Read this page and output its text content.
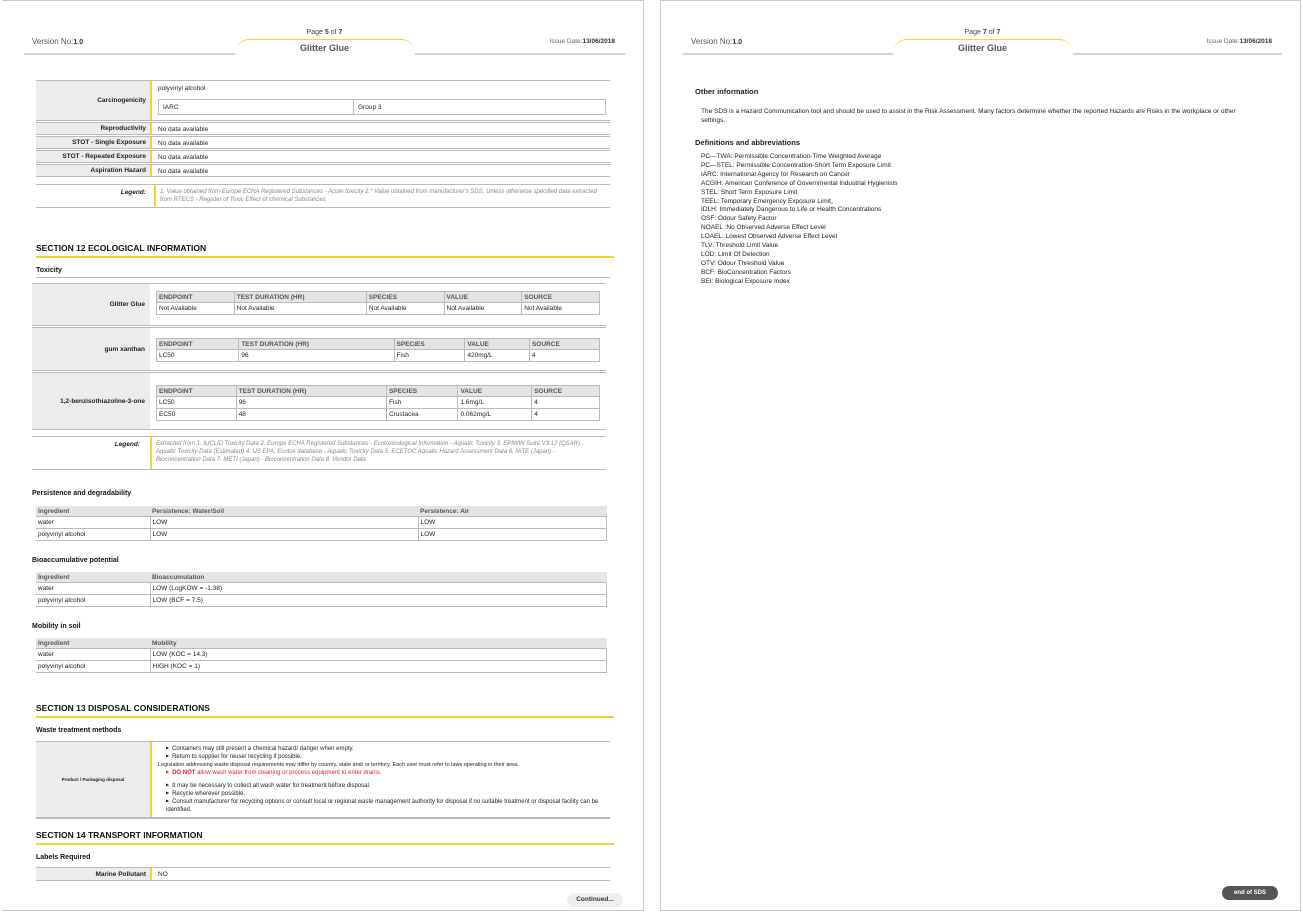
Version No:1.0
Page 5 of 7
Issue Date:13/06/2018
Glitter Glue
Carcinogenicity
polyvinyl alcohol
IARC	Group 3
Reproductivity	No data available
STOT - Single Exposure	No data available
STOT - Repeated Exposure	No data available
Aspiration Hazard	No data available
Legend:	1. Value obtained from Europe ECHA Registered Substances - Acute toxicity 2.* Value obtained from manufacturer's SDS. Unless otherwise specified data extracted from RTECS - Register of Toxic Effect of chemical Substances
SECTION 12 ECOLOGICAL INFORMATION
Toxicity
Glitter Glue
ENDPOINT	TEST DURATION (HR)	SPECIES	VALUE	SOURCE
Not Available	Not Available	Not Available	Not Available	Not Available
gum xanthan
ENDPOINT	TEST DURATION (HR)	SPECIES	VALUE	SOURCE
LC50	96	Fish	420mg/L	4
1,2-benzisothiazoline-3-one
ENDPOINT	TEST DURATION (HR)	SPECIES	VALUE	SOURCE
LC50	96	Fish	1.6mg/L	4
EC50	48	Crustacea	0.062mg/L	4
Legend:	Extracted from 1. IUCLID Toxicity Data 2. Europe ECHA Registered Substances - Ecotoxicological Information - Aquatic Toxicity 3. EPIWIN Suite V3.12 (QSAR) - Aquatic Toxicity Data (Estimated) 4. US EPA, Ecotox database - Aquatic Toxicity Data 5. ECETOC Aquatic Hazard Assessment Data 6. NITE (Japan) - Bioconcentration Data 7. METI (Japan) - Bioconcentration Data 8. Vendor Data
Persistence and degradability
Ingredient	Persistence: Water/Soil	Persistence: Air
water	LOW	LOW
polyvinyl alcohol	LOW	LOW
Bioaccumulative potential
Ingredient	Bioaccumulation
water	LOW (LogKOW = -1.38)
polyvinyl alcohol	LOW (BCF = 7.5)
Mobility in soil
Ingredient	Mobility
water	LOW (KOC = 14.3)
polyvinyl alcohol	HIGH (KOC = 1)
SECTION 13 DISPOSAL CONSIDERATIONS
Waste treatment methods
Product / Packaging disposal
▶ Containers may still present a chemical hazard/ danger when empty.
▶ Return to supplier for reuse/ recycling if possible.
Legislation addressing waste disposal requirements may differ by country, state and/ or territory. Each user must refer to laws operating in their area.
▶ DO NOT allow wash water from cleaning or process equipment to enter drains.
▶ It may be necessary to collect all wash water for treatment before disposal.
▶ Recycle wherever possible.
▶ Consult manufacturer for recycling options or consult local or regional waste management authority for disposal if no suitable treatment or disposal facility can be identified.
SECTION 14 TRANSPORT INFORMATION
Labels Required
Marine Pollutant	NO
Continued...
Version No:1.0
Page 7 of 7
Issue Date:13/06/2018
Glitter Glue
Other information

The SDS is a Hazard Communication tool and should be used to assist in the Risk Assessment. Many factors determine whether the reported Hazards are Risks in the workplace or other settings.

Definitions and abbreviations
PC—TWA: Permissible Concentration-Time Weighted Average
PC—STEL: Permissible Concentration-Short Term Exposure Limit
IARC: International Agency for Research on Cancer
ACGIH: American Conference of Governmental Industrial Hygienists
STEL: Short Term Exposure Limit
TEEL: Temporary Emergency Exposure Limit。
IDLH: Immediately Dangerous to Life or Health Concentrations
OSF: Odour Safety Factor
NOAEL :No Observed Adverse Effect Level
LOAEL: Lowest Observed Adverse Effect Level
TLV: Threshold Limit Value
LOD: Limit Of Detection
OTV: Odour Threshold Value
BCF: BioConcentration Factors
BEI: Biological Exposure Index
end of SDS
